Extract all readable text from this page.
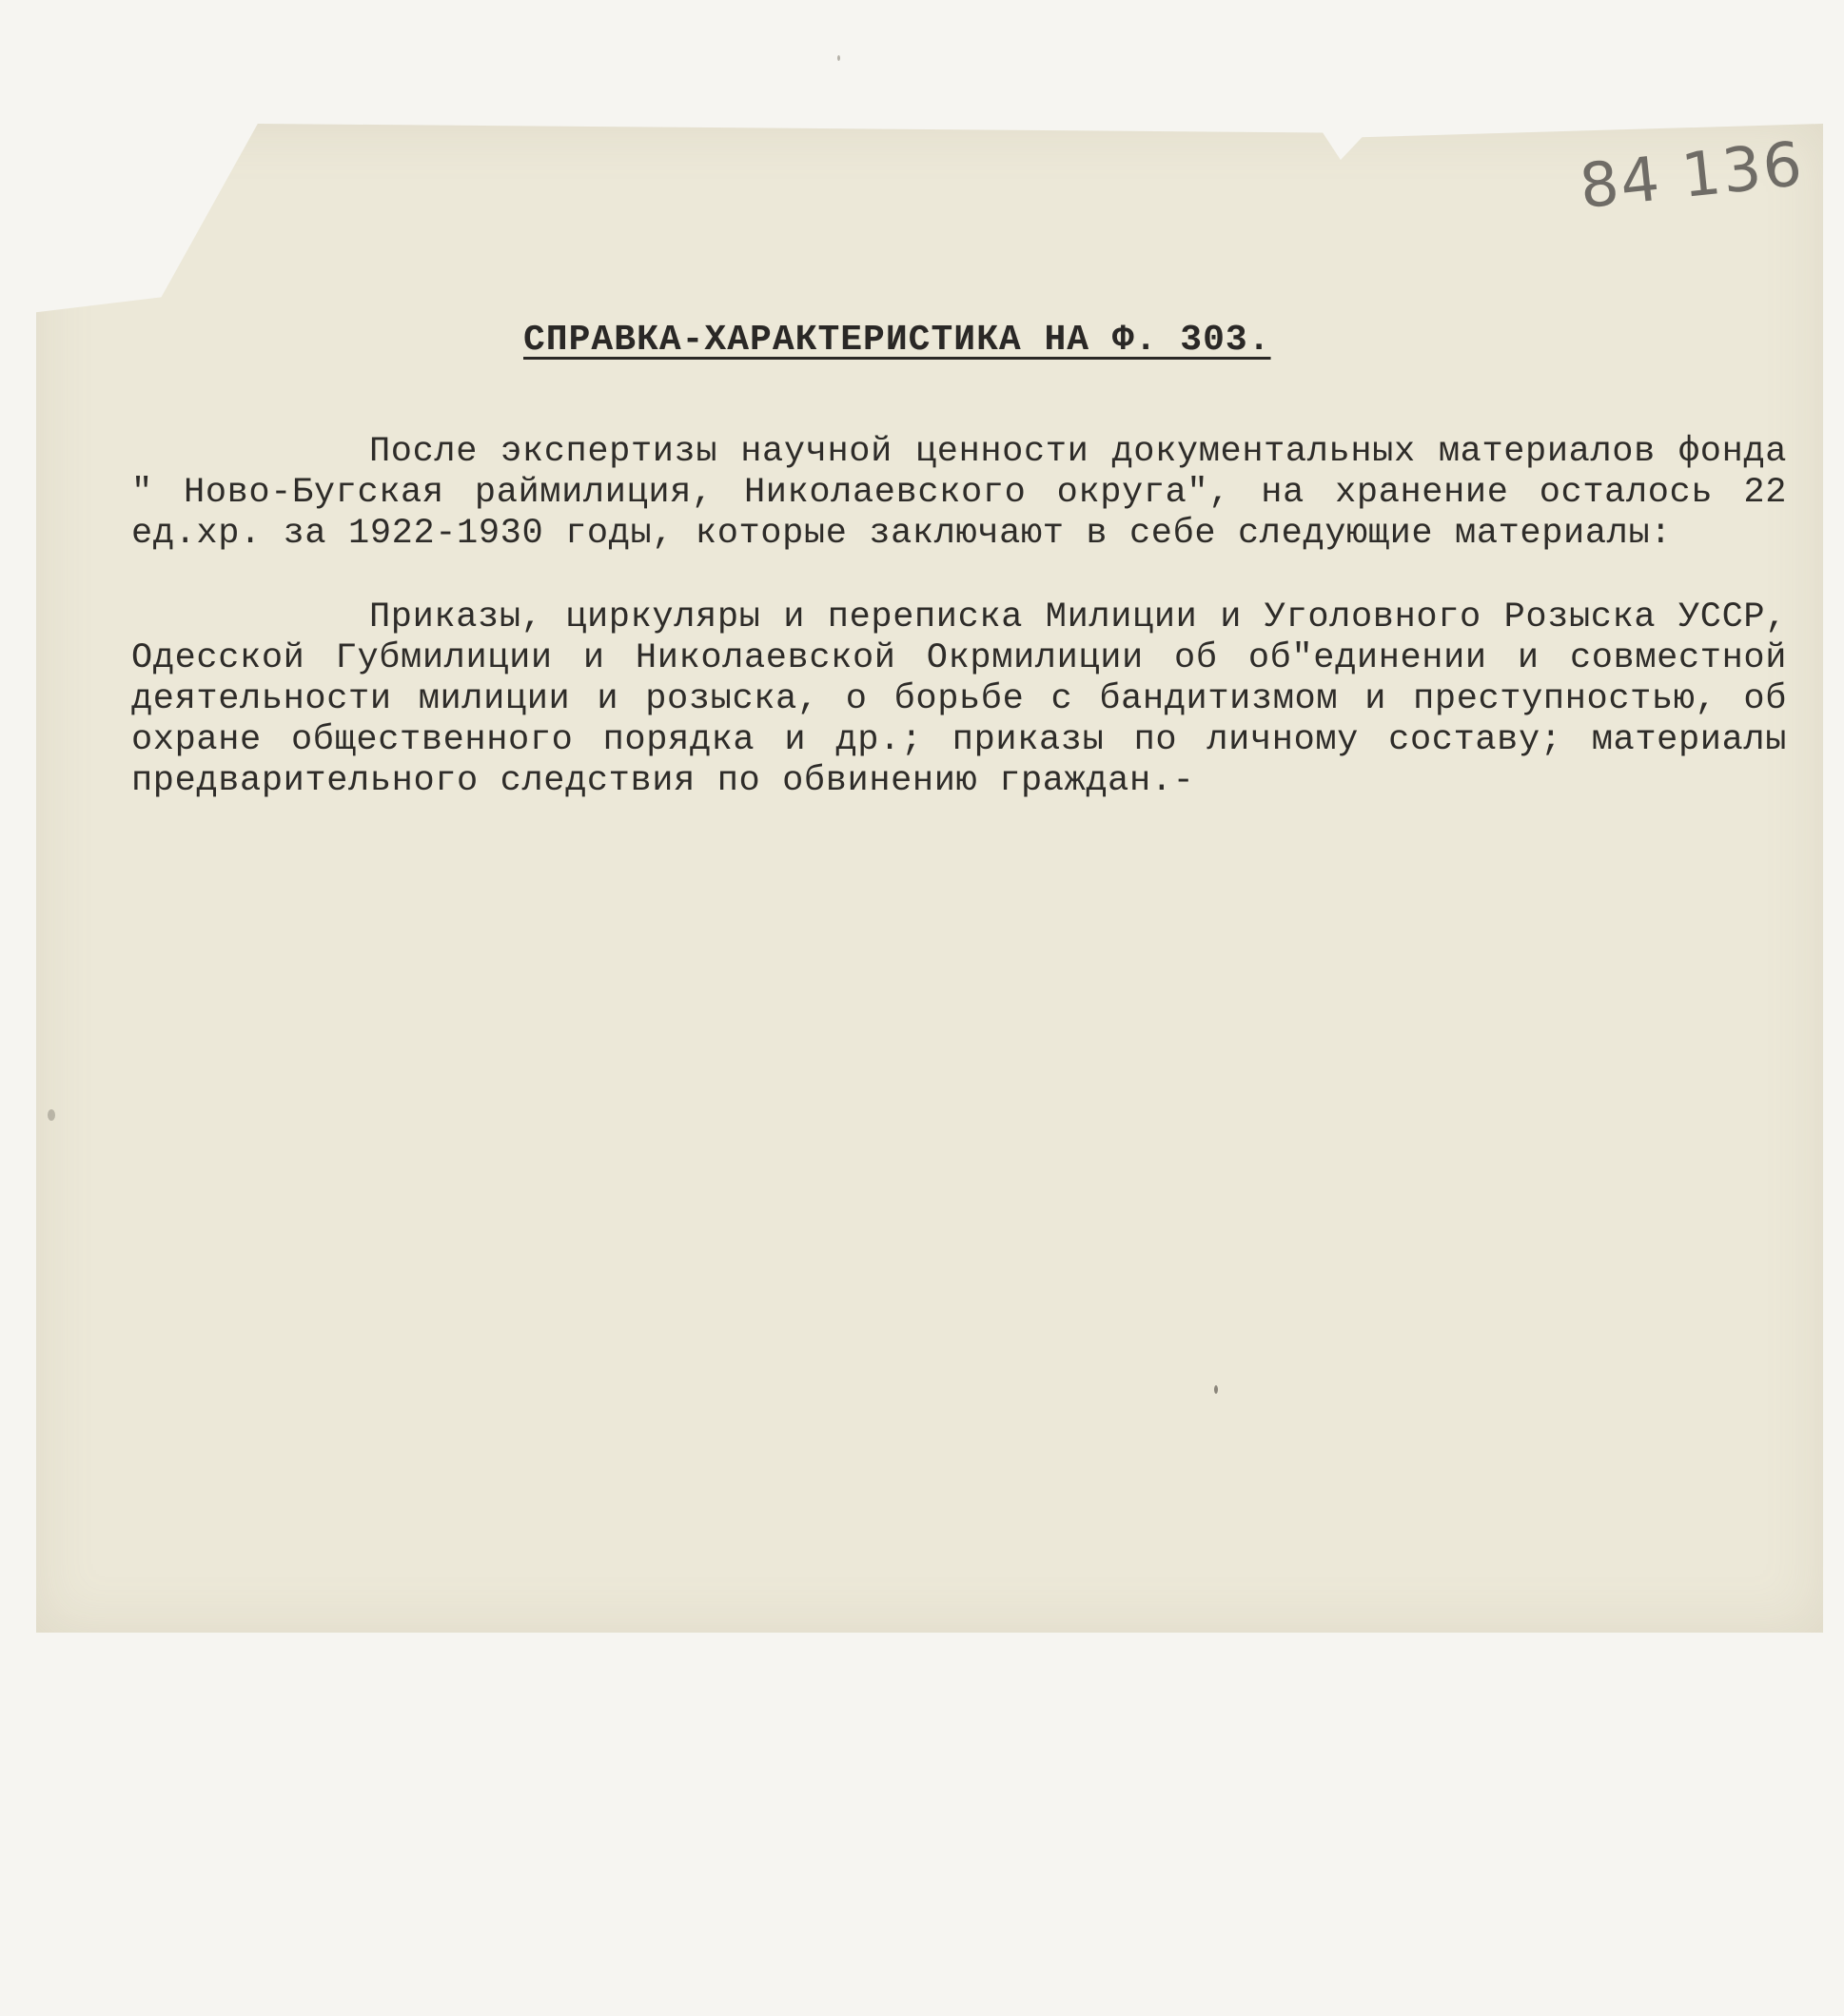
84 136
СПРАВКА-ХАРАКТЕРИСТИКА НА Ф. 303.

После экспертизы научной ценности документальных материалов фонда " Ново-Бугская раймилиция, Николаевского округа", на хранение осталось 22 ед.хр. за 1922-1930 годы, которые заключают в себе следующие материалы:

Приказы, циркуляры и переписка Милиции и Уголовного Розыска УССР, Одесской Губмилиции и Николаевской Окрмилиции об об"единении и совместной деятельности милиции и розыска, о борьбе с бандитизмом и преступностью, об охране общественного порядка и др.; приказы по личному составу; материалы предварительного следствия по обвинению граждан.-
